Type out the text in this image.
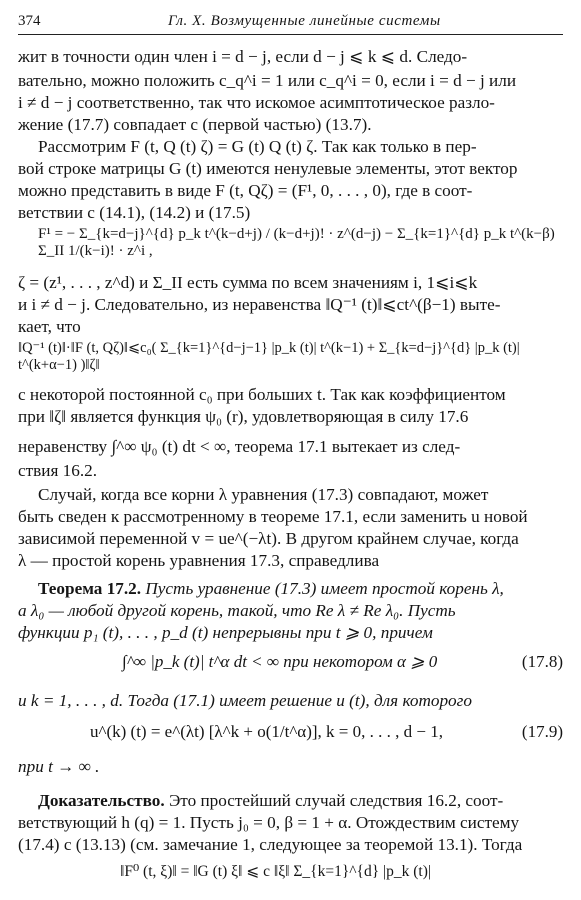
374	Гл. X. Возмущенные линейные системы
жит в точности один член i = d − j, если d − j ⩽ k ⩽ d. Следо-
вательно, можно положить c_q^i = 1 или c_q^i = 0, если i = d − j или
i ≠ d − j соответственно, так что искомое асимптотическое разло-
жение (17.7) совпадает с (первой частью) (13.7).
Рассмотрим F (t, Q (t) ζ) = G (t) Q (t) ζ. Так как только в пер-
вой строке матрицы G (t) имеются ненулевые элементы, этот вектор
можно представить в виде F (t, Qζ) = (F¹, 0, . . . , 0), где в соот-
ветствии с (14.1), (14.2) и (17.5)
F¹ = − Σ_{k=d−j}^{d} p_k t^(k−d+j) / (k−d+j)! · z^(d−j) − Σ_{k=1}^{d} p_k t^(k−β) Σ_II 1/(k−i)! · z^i ,
ζ = (z¹, . . . , z^d) и Σ_II есть сумма по всем значениям i, 1⩽i⩽k
и i ≠ d − j. Следовательно, из неравенства ‖Q⁻¹ (t)‖⩽ct^(β−1) выте-
кает, что
‖Q⁻¹ (t)‖·‖F (t, Qζ)‖⩽c₀( Σ_{k=1}^{d−j−1} |p_k (t)| t^(k−1) + Σ_{k=d−j}^{d} |p_k (t)| t^(k+α−1) )‖ζ‖
с некоторой постоянной c₀ при больших t. Так как коэффициентом
при ‖ζ‖ является функция ψ₀ (r), удовлетворяющая в силу 17.6
неравенству ∫^∞ ψ₀ (t) dt < ∞, теорема 17.1 вытекает из след-
ствия 16.2.
Случай, когда все корни λ уравнения (17.3) совпадают, может
быть сведен к рассмотренному в теореме 17.1, если заменить u новой
зависимой переменной v = ue^(−λt). В другом крайнем случае, когда
λ — простой корень уравнения 17.3, справедлива
Теорема 17.2. Пусть уравнение (17.3) имеет простой корень λ,
а λ₀ — любой другой корень, такой, что Re λ ≠ Re λ₀. Пусть
функции p₁ (t), . . . , p_d (t) непрерывны при t ⩾ 0, причем
∫^∞ |p_k (t)| t^α dt < ∞ при некотором α ⩾ 0	(17.8)
и k = 1, . . . , d. Тогда (17.1) имеет решение u (t), для которого
u^(k) (t) = e^(λt) [λ^k + o(1/t^α)], k = 0, . . . , d − 1,	(17.9)
при t → ∞ .
Доказательство. Это простейший случай следствия 16.2, соот-
ветствующий h (q) = 1. Пусть j₀ = 0, β = 1 + α. Отождествим систему
(17.4) с (13.13) (см. замечание 1, следующее за теоремой 13.1). Тогда
‖F⁰ (t, ξ)‖ = ‖G (t) ξ‖ ⩽ c ‖ξ‖ Σ_{k=1}^{d} |p_k (t)|
